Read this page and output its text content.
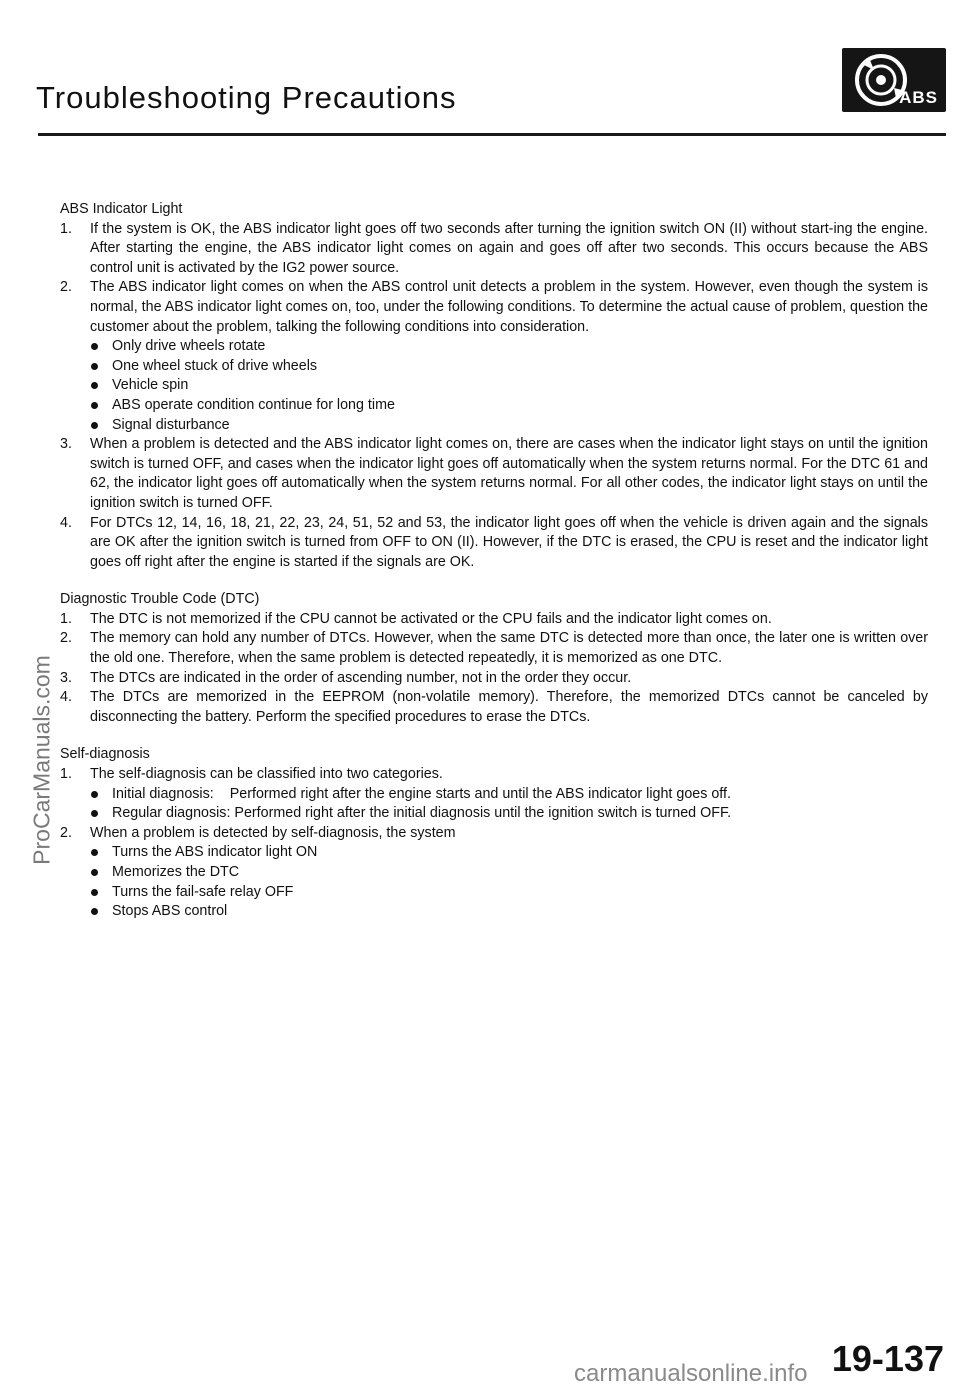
Troubleshooting Precautions	ABS
ProCarManuals.com
ABS Indicator Light
1. If the system is OK, the ABS indicator light goes off two seconds after turning the ignition switch ON (II) without start-ing the engine. After starting the engine, the ABS indicator light comes on again and goes off after two seconds. This occurs because the ABS control unit is activated by the IG2 power source.
2. The ABS indicator light comes on when the ABS control unit detects a problem in the system. However, even though the system is normal, the ABS indicator light comes on, too, under the following conditions. To determine the actual cause of problem, question the customer about the problem, talking the following conditions into consideration.
Only drive wheels rotate
One wheel stuck of drive wheels
Vehicle spin
ABS operate condition continue for long time
Signal disturbance
3. When a problem is detected and the ABS indicator light comes on, there are cases when the indicator light stays on until the ignition switch is turned OFF, and cases when the indicator light goes off automatically when the system returns normal. For the DTC 61 and 62, the indicator light goes off automatically when the system returns normal. For all other codes, the indicator light stays on until the ignition switch is turned OFF.
4. For DTCs 12, 14, 16, 18, 21, 22, 23, 24, 51, 52 and 53, the indicator light goes off when the vehicle is driven again and the signals are OK after the ignition switch is turned from OFF to ON (II). However, if the DTC is erased, the CPU is reset and the indicator light goes off right after the engine is started if the signals are OK.
Diagnostic Trouble Code (DTC)
1. The DTC is not memorized if the CPU cannot be activated or the CPU fails and the indicator light comes on.
2. The memory can hold any number of DTCs. However, when the same DTC is detected more than once, the later one is written over the old one. Therefore, when the same problem is detected repeatedly, it is memorized as one DTC.
3. The DTCs are indicated in the order of ascending number, not in the order they occur.
4. The DTCs are memorized in the EEPROM (non-volatile memory). Therefore, the memorized DTCs cannot be canceled by disconnecting the battery. Perform the specified procedures to erase the DTCs.
Self-diagnosis
1. The self-diagnosis can be classified into two categories.
Initial diagnosis: Performed right after the engine starts and until the ABS indicator light goes off.
Regular diagnosis: Performed right after the initial diagnosis until the ignition switch is turned OFF.
2. When a problem is detected by self-diagnosis, the system
Turns the ABS indicator light ON
Memorizes the DTC
Turns the fail-safe relay OFF
Stops ABS control
19-137
carmanualsonline.info
